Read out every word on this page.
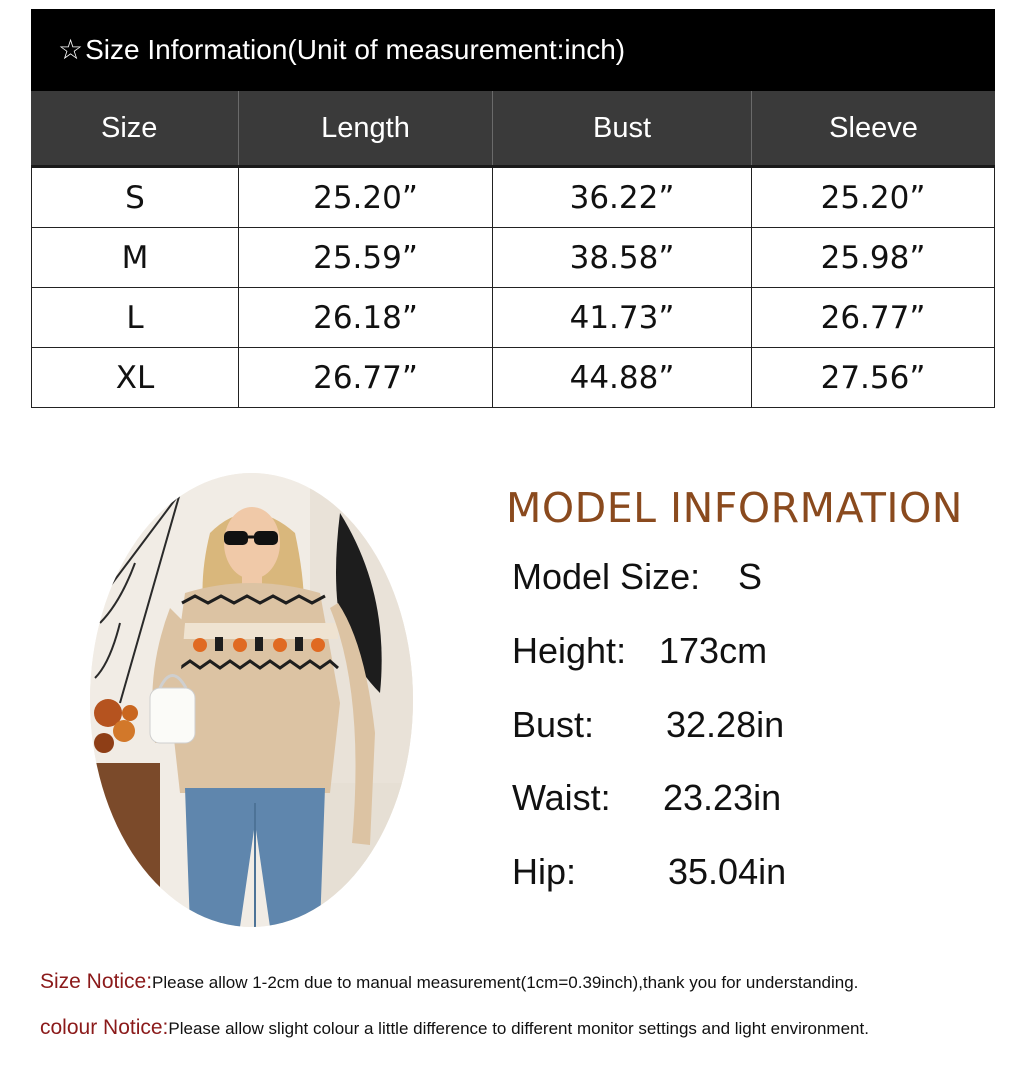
☆Size Information(Unit of measurement:inch)
Size	Length	Bust	Sleeve
S	25.20”	36.22”	25.20”
M	25.59”	38.58”	25.98”
L	26.18”	41.73”	26.77”
XL	26.77”	44.88”	27.56”
MODEL INFORMATION
Model Size: S
Height: 173cm
Bust: 32.28in
Waist: 23.23in
Hip:	35.04in
Size Notice:Please allow 1-2cm due to manual measurement(1cm=0.39inch),thank you for understanding.
colour Notice:Please allow slight colour a little difference to different monitor settings and light environment.
